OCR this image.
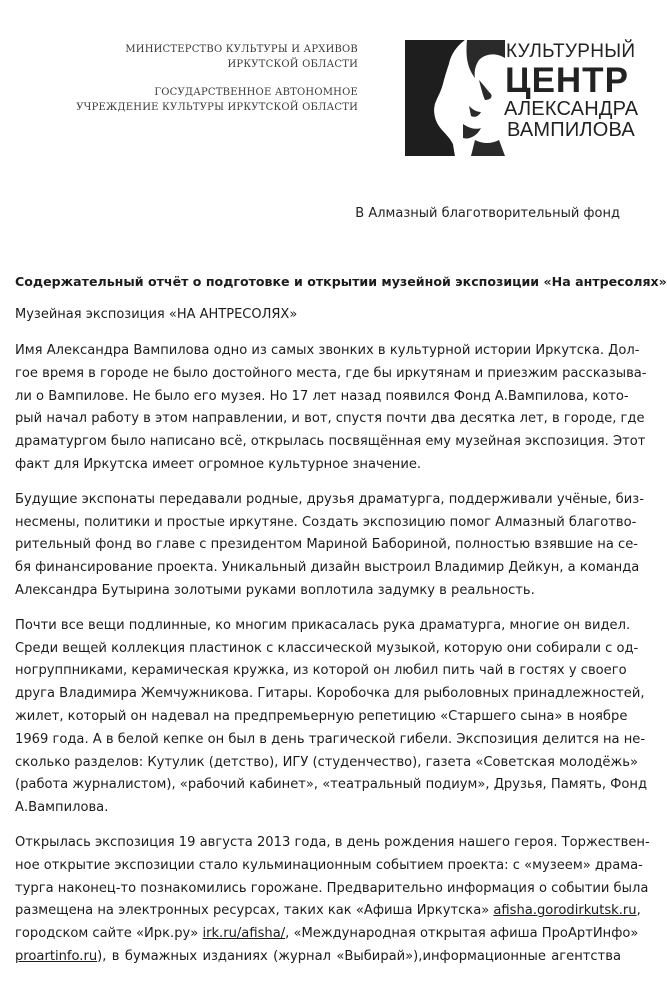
МИНИСТЕРСТВО КУЛЬТУРЫ И АРХИВОВ
ИРКУТСКОЙ ОБЛАСТИ
ГОСУДАРСТВЕННОЕ АВТОНОМНОЕ
УЧРЕЖДЕНИЕ КУЛЬТУРЫ ИРКУТСКОЙ ОБЛАСТИ
КУЛЬТУРНЫЙ
ЦЕНТР
АЛЕКСАНДРА
ВАМПИЛОВА
В Алмазный благотворительный фонд
Содержательный отчёт о подготовке и открытии музейной экспозиции «На антресолях»
Музейная экспозиция «НА АНТРЕСОЛЯХ»
Имя Александра Вампилова одно из самых звонких в культурной истории Иркутска. Дол-
гое время в городе не было достойного места, где бы иркутянам и приезжим рассказыва-
ли о Вампилове. Не было его музея. Но 17 лет назад появился Фонд А.Вампилова, кото-
рый начал работу в этом направлении, и вот, спустя почти два десятка лет, в городе, где
драматургом было написано всё, открылась посвящённая ему музейная экспозиция. Этот
факт для Иркутска имеет огромное культурное значение.
Будущие экспонаты передавали родные, друзья драматурга, поддерживали учёные, биз-
несмены, политики и простые иркутяне. Создать экспозицию помог Алмазный благотво-
рительный фонд во главе с президентом Мариной Бабориной, полностью взявшие на се-
бя финансирование проекта. Уникальный дизайн выстроил Владимир Дейкун, а команда
Александра Бутырина золотыми руками воплотила задумку в реальность.
Почти все вещи подлинные, ко многим прикасалась рука драматурга, многие он видел.
Среди вещей коллекция пластинок с классической музыкой, которую они собирали с од-
ногруппниками, керамическая кружка, из которой он любил пить чай в гостях у своего
друга Владимира Жемчужникова. Гитары. Коробочка для рыболовных принадлежностей,
жилет, который он надевал на предпремьерную репетицию «Старшего сына» в ноябре
1969 года. А в белой кепке он был в день трагической гибели. Экспозиция делится на не-
сколько разделов: Кутулик (детство), ИГУ (студенчество), газета «Советская молодёжь»
(работа журналистом), «рабочий кабинет», «театральный подиум», Друзья, Память, Фонд
А.Вампилова.
Открылась экспозиция 19 августа 2013 года, в день рождения нашего героя. Торжествен-
ное открытие экспозиции стало кульминационным событием проекта: с «музеем» драма-
турга наконец-то познакомились горожане. Предварительно информация о событии была
размещена на электронных ресурсах, таких как «Афиша Иркутска» afisha.gorodirkutsk.ru,
городском сайте «Ирк.ру» irk.ru/afisha/, «Международная открытая афиша ПроАртИнфо»
proartinfo.ru), в бумажных изданиях (журнал «Выбирай»),информационные агентства
